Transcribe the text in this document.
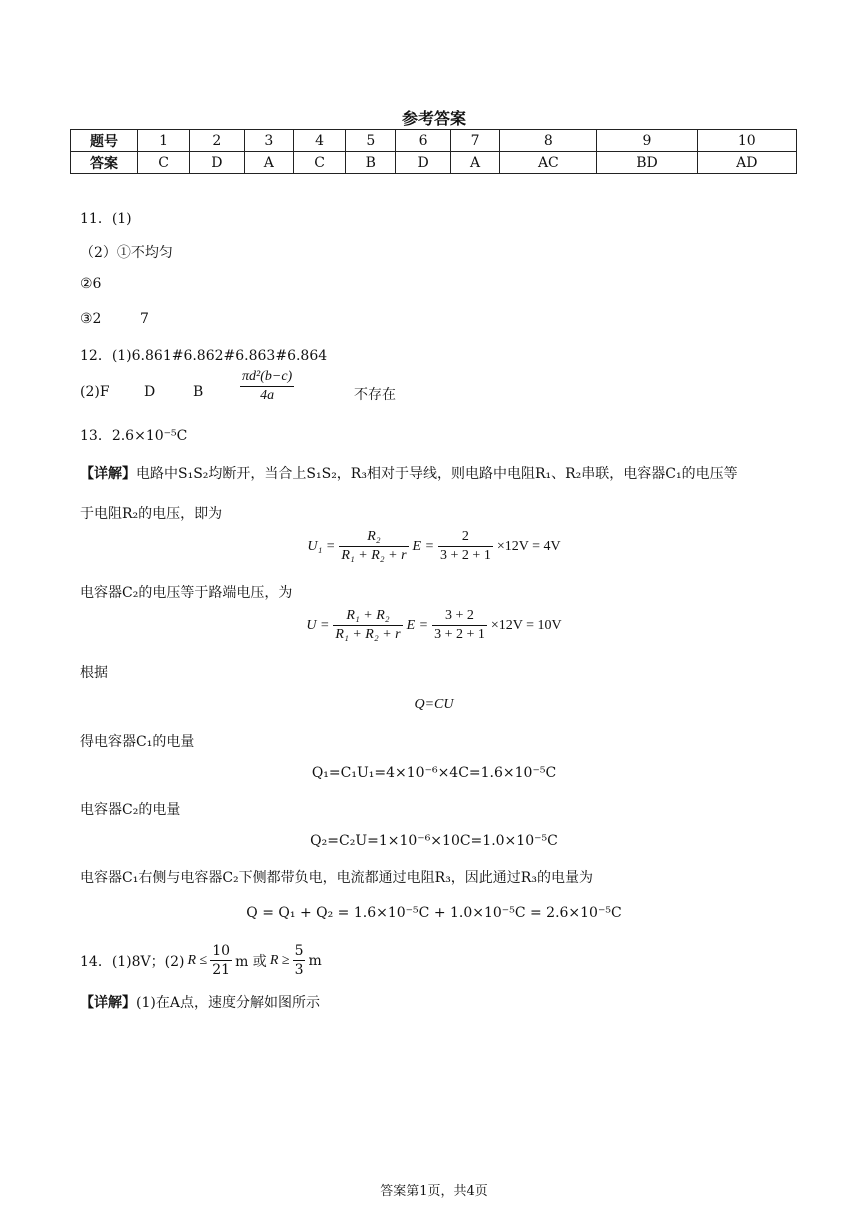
参考答案
题号	1	2	3	4	5	6	7	8	9	10
答案	C	D	A	C	B	D	A	AC	BD	AD
11．(1)
（2）①不均匀
②6
③2	7
12．(1)6.861#6.862#6.863#6.864
(2)F D	B	$\frac{\text{πd²(b−c)}}{4a}$	不存在
13．2.6×10⁻⁵C
【详解】电路中S₁S₂均断开，当合上S₁S₂，R₃相对于导线，则电路中电阻R₁、R₂串联，电容器C₁的电压等
于电阻R₂的电压，即为
$U_1 = \frac{\text{R₂}}{\text{R₁ + R₂ + r}}$ $E = \frac{2}{3 + 2 + 1} \times 12V = 4V$
电容器C₂的电压等于路端电压，为
$U = \frac{\text{R₁ + R₂}}{\text{R₁ + R₂ + r}}$ $E = \frac{3 + 2}{3 + 2 + 1} \times 12V = 10V$
根据
Q=CU
得电容器C₁的电量
Q₁=C₁U₁=4×10⁻⁶×4C=1.6×10⁻⁵C
电容器C₂的电量
Q₂=C₂U=1×10⁻⁶×10C=1.0×10⁻⁵C
电容器C₁右侧与电容器C₂下侧都带负电，电流都通过电阻R₃，因此通过R₃的电量为
Q = Q₁ + Q₂ = 1.6×10⁻⁵C + 1.0×10⁻⁵C = 2.6×10⁻⁵C
14．(1)8V；(2) $R \le \frac{10}{21}$ m 或 $R \ge \frac{5}{3}$ m
【详解】(1)在A点，速度分解如图所示
答案第1页，共4页
